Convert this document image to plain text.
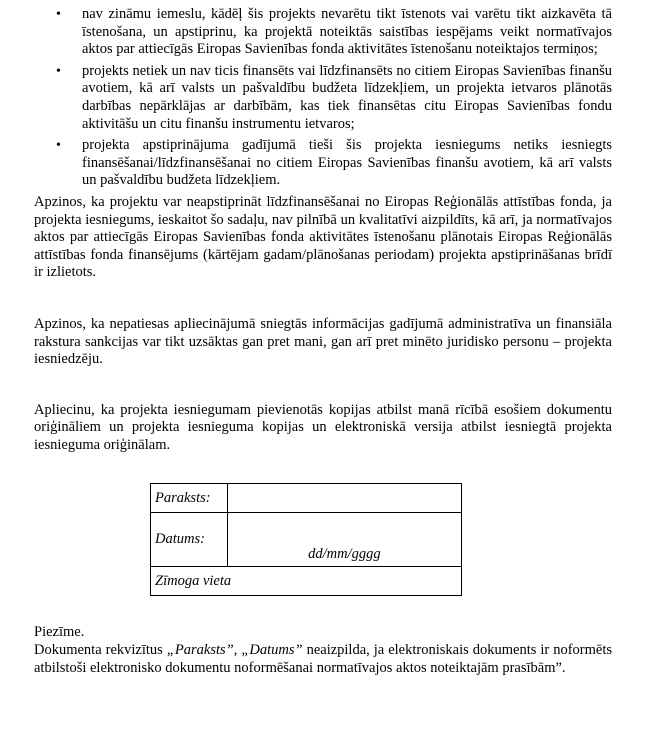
• nav zināmu iemeslu, kādēļ šis projekts nevarētu tikt īstenots vai varētu tikt aizkavēta tā īstenošana, un apstiprinu, ka projektā noteiktās saistības iespējams veikt normatīvajos aktos par attiecīgās Eiropas Savienības fonda aktivitātes īstenošanu noteiktajos termiņos;
• projekts netiek un nav ticis finansēts vai līdzfinansēts no citiem Eiropas Savienības finanšu avotiem, kā arī valsts un pašvaldību budžeta līdzekļiem, un projekta ietvaros plānotās darbības nepārklājas ar darbībām, kas tiek finansētas citu Eiropas Savienības fondu aktivitāšu un citu finanšu instrumentu ietvaros;
• projekta apstiprinājuma gadījumā tieši šis projekta iesniegums netiks iesniegts finansēšanai/līdzfinansēšanai no citiem Eiropas Savienības finanšu avotiem, kā arī valsts un pašvaldību budžeta līdzekļiem.

Apzinos, ka projektu var neapstiprināt līdzfinansēšanai no Eiropas Reģionālās attīstības fonda, ja projekta iesniegums, ieskaitot šo sadaļu, nav pilnībā un kvalitatīvi aizpildīts, kā arī, ja normatīvajos aktos par attiecīgās Eiropas Savienības fonda aktivitātes īstenošanu plānotais Eiropas Reģionālās attīstības fonda finansējums (kārtējam gadam/plānošanas periodam) projekta apstiprināšanas brīdī ir izlietots.

Apzinos, ka nepatiesas apliecinājumā sniegtās informācijas gadījumā administratīva un finansiāla rakstura sankcijas var tikt uzsāktas gan pret mani, gan arī pret minēto juridisko personu – projekta iesniedzēju.

Apliecinu, ka projekta iesniegumam pievienotās kopijas atbilst manā rīcībā esošiem dokumentu oriģināliem un projekta iesnieguma kopijas un elektroniskā versija atbilst iesniegtā projekta iesnieguma oriģinālam.

Paraksts:	
Datums:	dd/mm/gggg
Zīmoga vieta	
Piezīme.

Dokumenta rekvizītus „Paraksts”, „Datums” neaizpilda, ja elektroniskais dokuments ir noformēts atbilstoši elektronisko dokumentu noformēšanai normatīvajos aktos noteiktajām prasībām”.
